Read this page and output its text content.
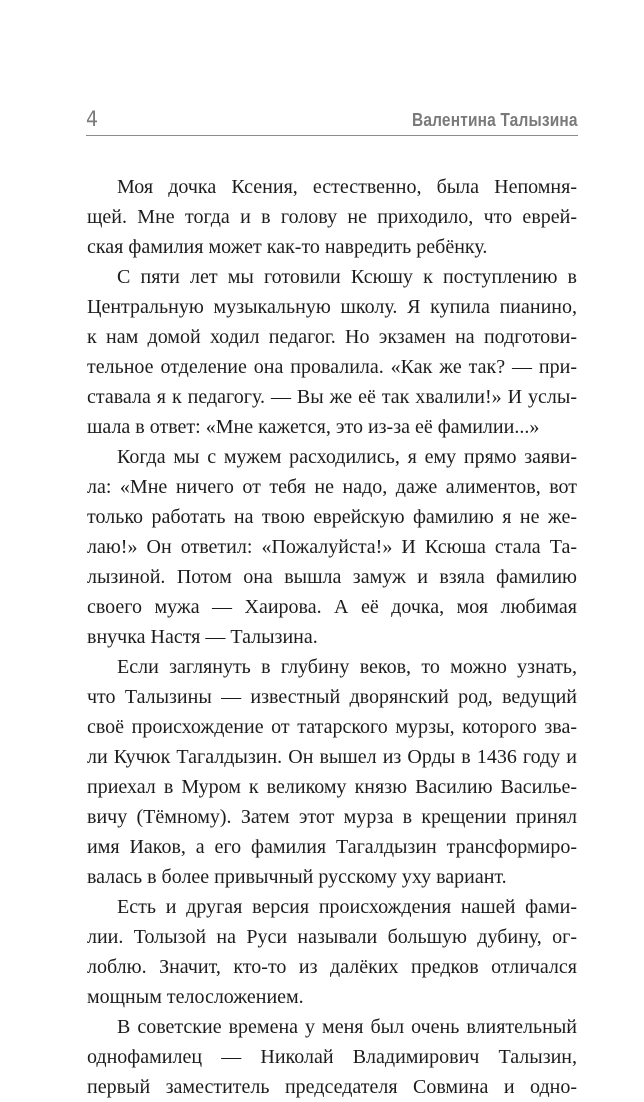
4	Валентина Талызина
Моя дочка Ксения, естественно, была Непомня-
щей. Мне тогда и в голову не приходило, что еврей-
ская фамилия может как-то навредить ребёнку.
С пяти лет мы готовили Ксюшу к поступлению в
Центральную музыкальную школу. Я купила пианино,
к нам домой ходил педагог. Но экзамен на подготови-
тельное отделение она провалила. «Как же так? — при-
ставала я к педагогу. — Вы же её так хвалили!» И услы-
шала в ответ: «Мне кажется, это из-за её фамилии...»
Когда мы с мужем расходились, я ему прямо заяви-
ла: «Мне ничего от тебя не надо, даже алиментов, вот
только работать на твою еврейскую фамилию я не же-
лаю!» Он ответил: «Пожалуйста!» И Ксюша стала Та-
лызиной. Потом она вышла замуж и взяла фамилию
своего мужа — Хаирова. А её дочка, моя любимая
внучка Настя — Талызина.
Если заглянуть в глубину веков, то можно узнать,
что Талызины — известный дворянский род, ведущий
своё происхождение от татарского мурзы, которого зва-
ли Кучюк Тагалдызин. Он вышел из Орды в 1436 году и
приехал в Муром к великому князю Василию Василье-
вичу (Тёмному). Затем этот мурза в крещении принял
имя Иаков, а его фамилия Тагалдызин трансформиро-
валась в более привычный русскому уху вариант.
Есть и другая версия происхождения нашей фами-
лии. Толызой на Руси называли большую дубину, ог-
лоблю. Значит, кто-то из далёких предков отличался
мощным телосложением.
В советские времена у меня был очень влиятельный
однофамилец — Николай Владимирович Талызин,
первый заместитель председателя Совмина и одно-
